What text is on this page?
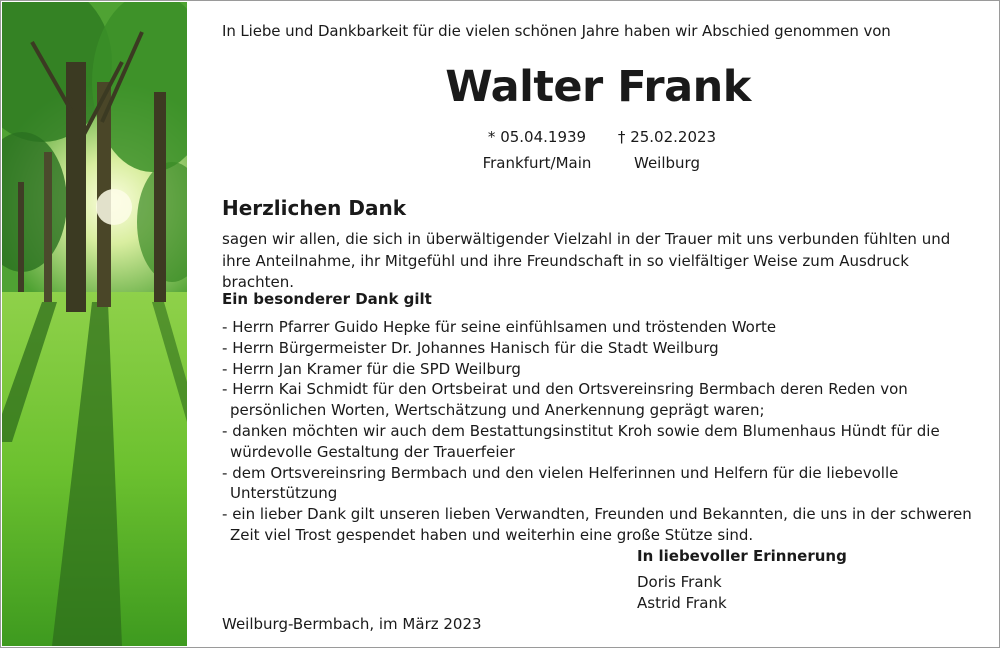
In Liebe und Dankbarkeit für die vielen schönen Jahre haben wir Abschied genommen von
Walter Frank
* 05.04.1939
Frankfurt/Main
† 25.02.2023
Weilburg
Herzlichen Dank
sagen wir allen, die sich in überwältigender Vielzahl in der Trauer mit uns verbunden fühlten und ihre Anteilnahme, ihr Mitgefühl und ihre Freundschaft in so vielfältiger Weise zum Ausdruck brachten.
Ein besonderer Dank gilt
- Herrn Pfarrer Guido Hepke für seine einfühlsamen und tröstenden Worte
- Herrn Bürgermeister Dr. Johannes Hanisch für die Stadt Weilburg
- Herrn Jan Kramer für die SPD Weilburg
- Herrn Kai Schmidt für den Ortsbeirat und den Ortsvereinsring Bermbach deren Reden von persönlichen Worten, Wertschätzung und Anerkennung geprägt waren;
- danken möchten wir auch dem Bestattungsinstitut Kroh sowie dem Blumenhaus Hündt für die würdevolle Gestaltung der Trauerfeier
- dem Ortsvereinsring Bermbach und den vielen Helferinnen und Helfern für die liebevolle Unterstützung
- ein lieber Dank gilt unseren lieben Verwandten, Freunden und Bekannten, die uns in der schweren Zeit viel Trost gespendet haben und weiterhin eine große Stütze sind.
In liebevoller Erinnerung
Doris Frank
Astrid Frank
Weilburg-Bermbach, im März 2023
